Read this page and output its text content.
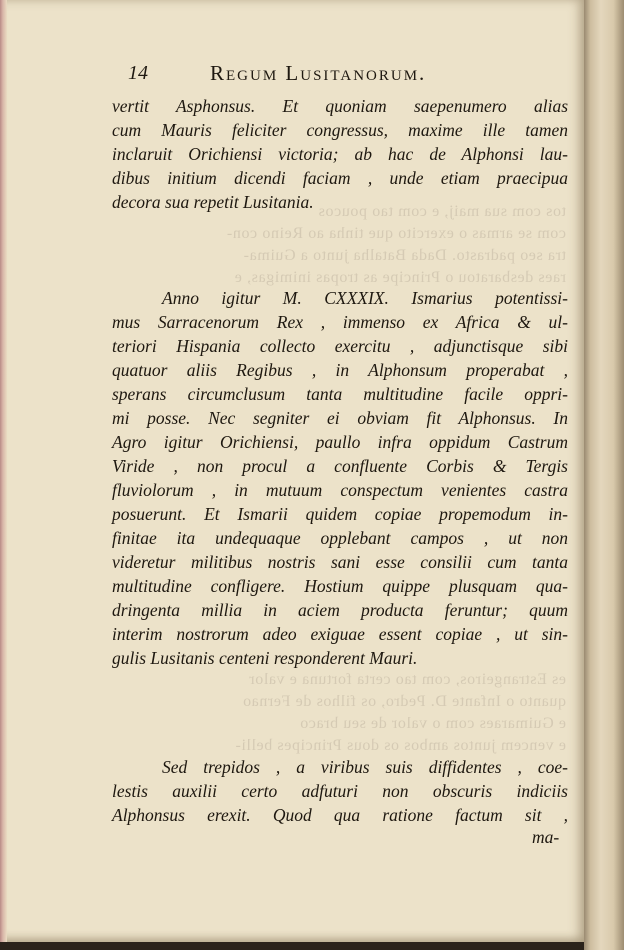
tos com sua maij, e com tao poucos
com se armas o exercito que tinha ao Reino con-
tra seo padrasto. Dada Batalha junto a Guima-
raes desbaratou o Principe as tropas inimigas, e
es Estrangeiros, com tao certa fortuna e valor
quanto o Infante D. Pedro, os filhos de Fernao
e Guimaraes com o valor de seu braco
e vencem juntos ambos os dous Principes belli-
14	Regum Lusitanorum.
vertit Asphonsus. Et quoniam saepenumero alias
cum Mauris feliciter congressus, maxime ille tamen
inclaruit Orichiensi victoria; ab hac de Alphonsi lau-
dibus initium dicendi faciam , unde etiam praecipua
decora sua repetit Lusitania.
Anno igitur M. CXXXIX. Ismarius potentissi-
mus Sarracenorum Rex , immenso ex Africa & ul-
teriori Hispania collecto exercitu , adjunctisque sibi
quatuor aliis Regibus , in Alphonsum properabat ,
sperans circumclusum tanta multitudine facile oppri-
mi posse. Nec segniter ei obviam fit Alphonsus. In
Agro igitur Orichiensi, paullo infra oppidum Castrum
Viride , non procul a confluente Corbis & Tergis
fluviolorum , in mutuum conspectum venientes castra
posuerunt. Et Ismarii quidem copiae propemodum in-
finitae ita undequaque opplebant campos , ut non
videretur militibus nostris sani esse consilii cum tanta
multitudine confligere. Hostium quippe plusquam qua-
dringenta millia in aciem producta feruntur; quum
interim nostrorum adeo exiguae essent copiae , ut sin-
gulis Lusitanis centeni responderent Mauri.
Sed trepidos , a viribus suis diffidentes , coe-
lestis auxilii certo adfuturi non obscuris indiciis
Alphonsus erexit. Quod qua ratione factum sit ,
ma-
